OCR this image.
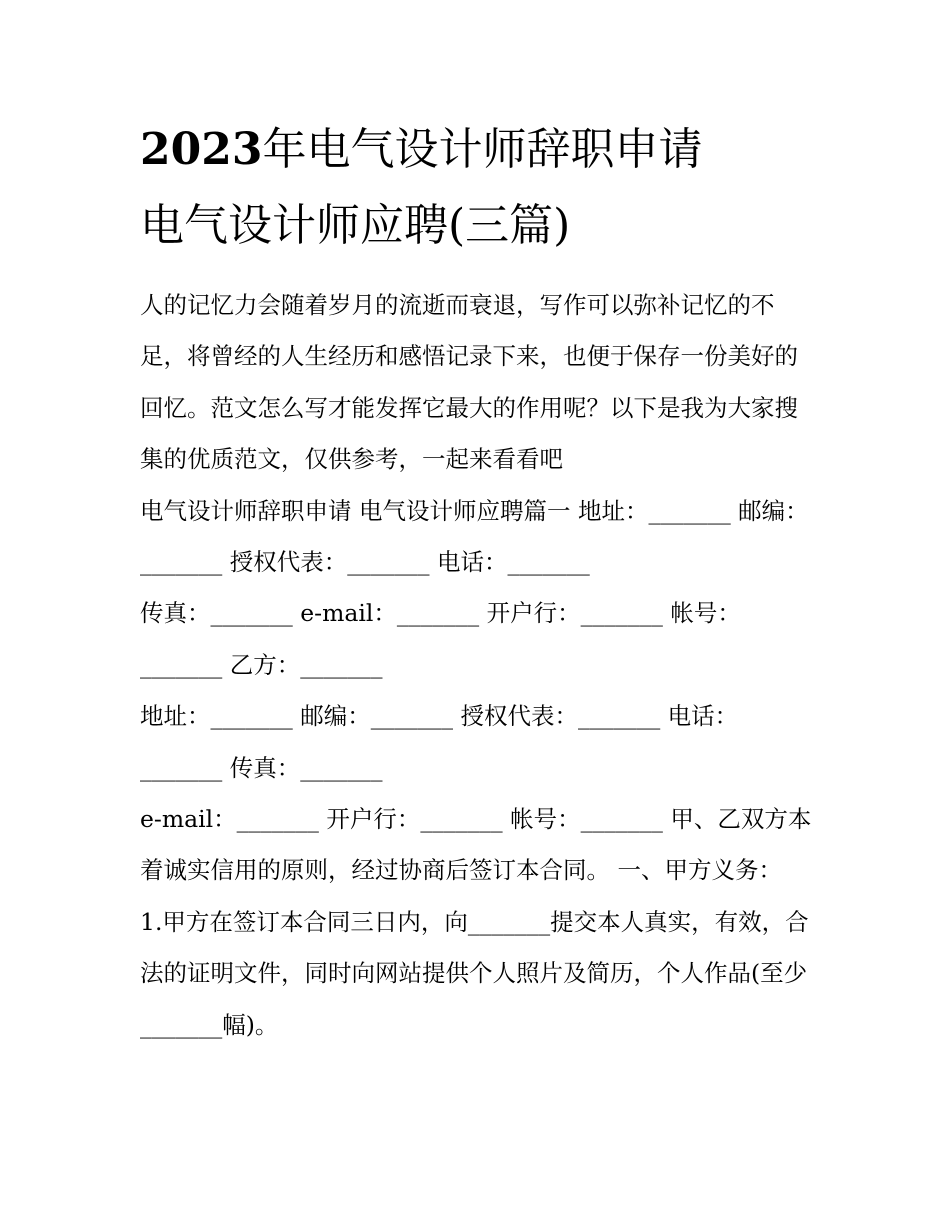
2023年电气设计师辞职申请
电气设计师应聘(三篇)

人的记忆力会随着岁月的流逝而衰退，写作可以弥补记忆的不足，将曾经的人生经历和感悟记录下来，也便于保存一份美好的回忆。范文怎么写才能发挥它最大的作用呢？以下是我为大家搜集的优质范文，仅供参考，一起来看看吧

电气设计师辞职申请 电气设计师应聘篇一 地址：_______ 邮编：_______ 授权代表：_______ 电话：_______

传真：_______ e-mail：_______ 开户行：_______ 帐号：_______ 乙方：_______

地址：_______ 邮编：_______ 授权代表：_______ 电话：_______ 传真：_______

e-mail：_______ 开户行：_______ 帐号：_______ 甲、乙双方本着诚实信用的原则，经过协商后签订本合同。 一、甲方义务：

1.甲方在签订本合同三日内，向_______提交本人真实，有效，合法的证明文件，同时向网站提供个人照片及简历，个人作品(至少_______幅)。
